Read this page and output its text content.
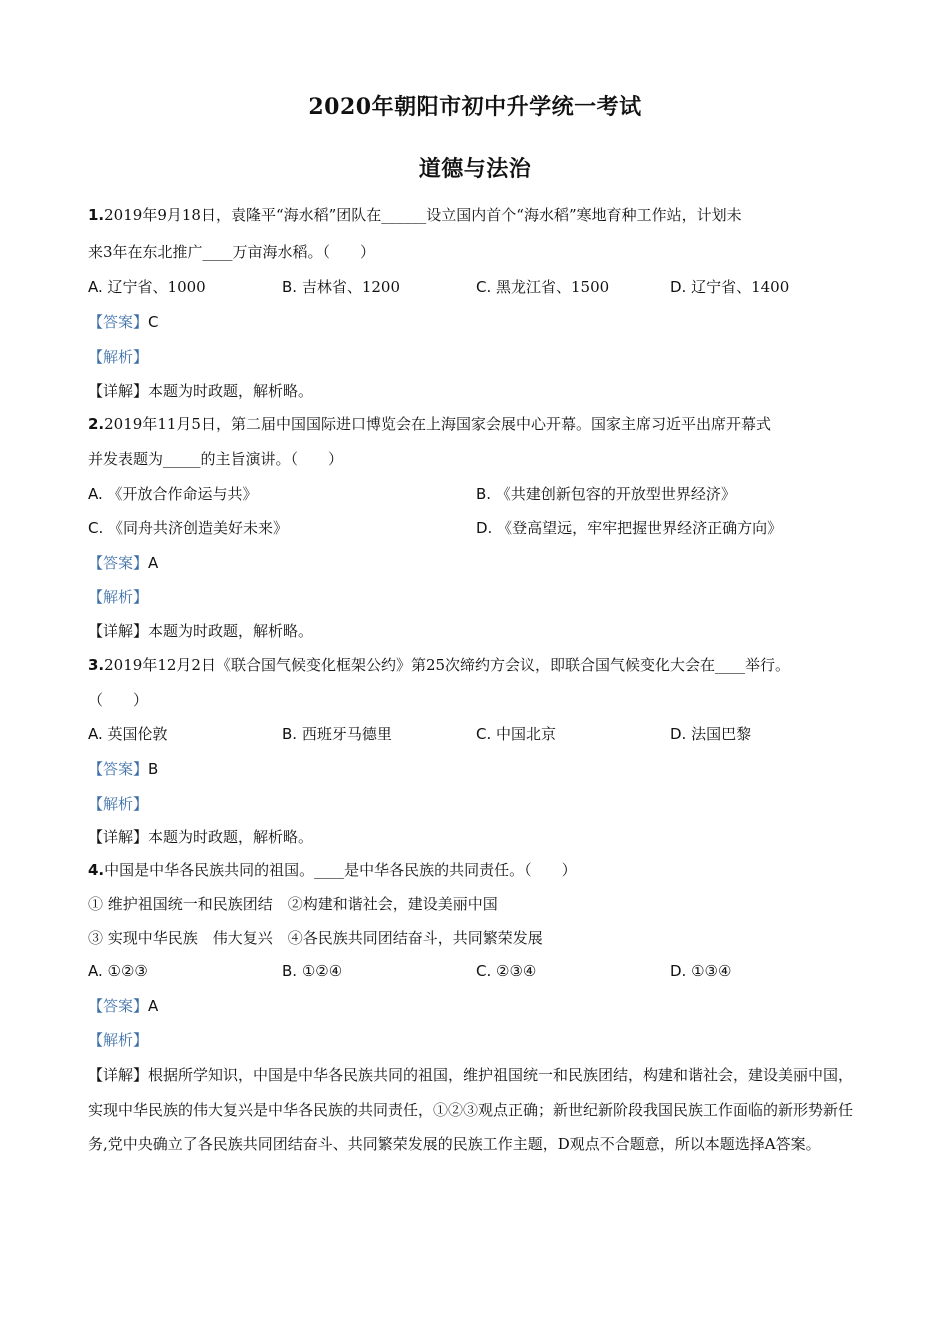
2020年朝阳市初中升学统一考试
道德与法治
1.2019年9月18日，袁隆平“海水稻”团队在______设立国内首个“海水稻”寒地育种工作站，计划未
来3年在东北推广____万亩海水稻。（　　）
A. 辽宁省、1000	B. 吉林省、1200	C. 黑龙江省、1500	D. 辽宁省、1400
【答案】C
【解析】
【详解】本题为时政题，解析略。
2.2019年11月5日，第二届中国国际进口博览会在上海国家会展中心开幕。国家主席习近平出席开幕式
并发表题为_____的主旨演讲。（　　）
A. 《开放合作命运与共》	B. 《共建创新包容的开放型世界经济》
C. 《同舟共济创造美好未来》	D. 《登高望远，牢牢把握世界经济正确方向》
【答案】A
【解析】
【详解】本题为时政题，解析略。
3.2019年12月2日《联合国气候变化框架公约》第25次缔约方会议，即联合国气候变化大会在____举行。
（　　）
A. 英国伦敦	B. 西班牙马德里	C. 中国北京	D. 法国巴黎
【答案】B
【解析】
【详解】本题为时政题，解析略。
4.中国是中华各民族共同的祖国。____是中华各民族的共同责任。（　　）
① 维护祖国统一和民族团结　②构建和谐社会，建设美丽中国
③ 实现中华民族　伟大复兴　④各民族共同团结奋斗，共同繁荣发展
A. ①②③	B. ①②④	C. ②③④	D. ①③④
【答案】A
【解析】
【详解】根据所学知识，中国是中华各民族共同的祖国，维护祖国统一和民族团结，构建和谐社会，建设美丽中国，实现中华民族的伟大复兴是中华各民族的共同责任，①②③观点正确；新世纪新阶段我国民族工作面临的新形势新任务,党中央确立了各民族共同团结奋斗、共同繁荣发展的民族工作主题，D观点不合题意，所以本题选择A答案。
